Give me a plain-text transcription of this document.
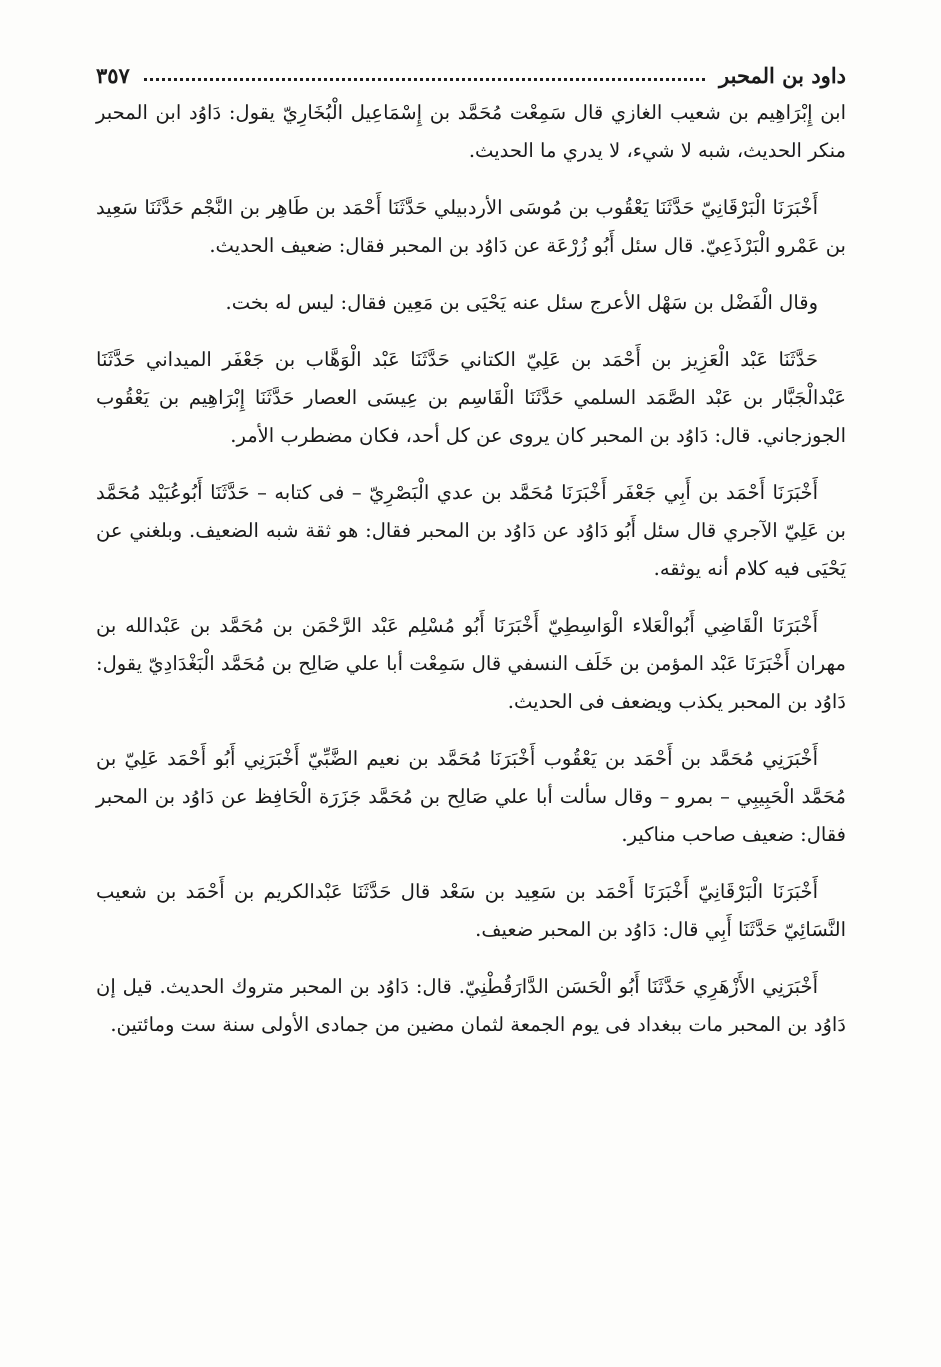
داود بن المحبر
٣٥٧

ابن إِبْرَاهِيم بن شعيب الغازي قال سَمِعْت مُحَمَّد بن إِسْمَاعِيل الْبُخَارِيّ يقول: دَاوُد ابن المحبر منكر الحديث، شبه لا شيء، لا يدري ما الحديث.

أَخْبَرَنَا الْبَرْقَانِيّ حَدَّثَنَا يَعْقُوب بن مُوسَى الأردبيلي حَدَّثَنَا أَحْمَد بن طَاهِر بن النَّجْم حَدَّثَنَا سَعِيد بن عَمْرو الْبَرْذَعِيّ. قال سئل أَبُو زُرْعَة عن دَاوُد بن المحبر فقال: ضعيف الحديث.

وقال الْفَضْل بن سَهْل الأعرج سئل عنه يَحْيَى بن مَعِين فقال: ليس له بخت.

حَدَّثَنَا عَبْد الْعَزِيز بن أَحْمَد بن عَلِيّ الكتاني حَدَّثَنَا عَبْد الْوَهَّاب بن جَعْفَر الميداني حَدَّثَنَا عَبْدالْجَبَّار بن عَبْد الصَّمَد السلمي حَدَّثَنَا الْقَاسِم بن عِيسَى العصار حَدَّثَنَا إِبْرَاهِيم بن يَعْقُوب الجوزجاني. قال: دَاوُد بن المحبر كان يروى عن كل أحد، فكان مضطرب الأمر.

أَخْبَرَنَا أَحْمَد بن أَبِي جَعْفَر أَخْبَرَنَا مُحَمَّد بن عدي الْبَصْرِيّ – فى كتابه – حَدَّثَنَا أَبُوعُبَيْد مُحَمَّد بن عَلِيّ الآجري قال سئل أَبُو دَاوُد عن دَاوُد بن المحبر فقال: هو ثقة شبه الضعيف. وبلغني عن يَحْيَى فيه كلام أنه يوثقه.

أَخْبَرَنَا الْقَاضِي أَبُوالْعَلاء الْوَاسِطِيّ أَخْبَرَنَا أَبُو مُسْلِم عَبْد الرَّحْمَن بن مُحَمَّد بن عَبْدالله بن مهران أَخْبَرَنَا عَبْد المؤمن بن خَلَف النسفي قال سَمِعْت أبا علي صَالِح بن مُحَمَّد الْبَغْدَادِيّ يقول: دَاوُد بن المحبر يكذب ويضعف فى الحديث.

أَخْبَرَنِي مُحَمَّد بن أَحْمَد بن يَعْقُوب أَخْبَرَنَا مُحَمَّد بن نعيم الضَّبِّيّ أَخْبَرَنِي أَبُو أَحْمَد عَلِيّ بن مُحَمَّد الْحَبِيبِي – بمرو – وقال سألت أبا علي صَالِح بن مُحَمَّد جَزَرَة الْحَافِظ عن دَاوُد بن المحبر فقال: ضعيف صاحب مناكير.

أَخْبَرَنَا الْبَرْقَانِيّ أَخْبَرَنَا أَحْمَد بن سَعِيد بن سَعْد قال حَدَّثَنَا عَبْدالكريم بن أَحْمَد بن شعيب النَّسَائِيّ حَدَّثَنَا أَبِي قال: دَاوُد بن المحبر ضعيف.

أَخْبَرَنِي الأَزْهَرِي حَدَّثَنَا أَبُو الْحَسَن الدَّارَقُطْنِيّ. قال: دَاوُد بن المحبر متروك الحديث. قيل إن دَاوُد بن المحبر مات ببغداد فى يوم الجمعة لثمان مضين من جمادى الأولى سنة ست ومائتين.
